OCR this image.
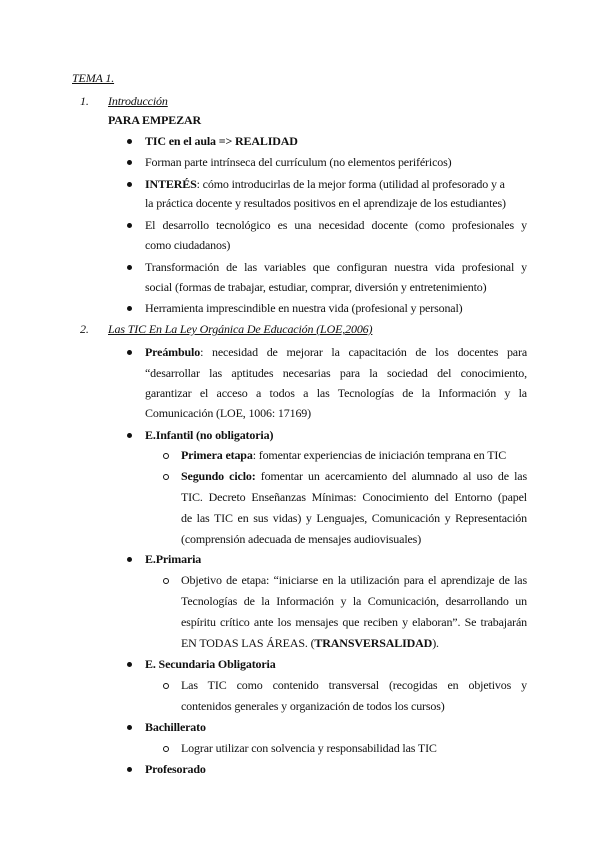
TEMA 1.
1. Introducción
PARA EMPEZAR
TIC en el aula => REALIDAD
Forman parte intrínseca del currículum (no elementos periféricos)
INTERÉS: cómo introducirlas de la mejor forma (utilidad al profesorado y a
la práctica docente y resultados positivos en el aprendizaje de los estudiantes)
El desarrollo tecnológico es una necesidad docente (como profesionales y
como ciudadanos)
Transformación de las variables que configuran nuestra vida profesional y
social (formas de trabajar, estudiar, comprar, diversión y entretenimiento)
Herramienta imprescindible en nuestra vida (profesional y personal)
2. Las TIC En La Ley Orgánica De Educación (LOE,2006)
Preámbulo: necesidad de mejorar la capacitación de los docentes para
“desarrollar las aptitudes necesarias para la sociedad del conocimiento,
garantizar el acceso a todos a las Tecnologías de la Información y la
Comunicación (LOE, 1006: 17169)
E.Infantil (no obligatoria)
Primera etapa: fomentar experiencias de iniciación temprana en TIC
Segundo ciclo: fomentar un acercamiento del alumnado al uso de las
TIC. Decreto Enseñanzas Mínimas: Conocimiento del Entorno (papel
de las TIC en sus vidas) y Lenguajes, Comunicación y Representación
(comprensión adecuada de mensajes audiovisuales)
E.Primaria
Objetivo de etapa: “iniciarse en la utilización para el aprendizaje de las
Tecnologías de la Información y la Comunicación, desarrollando un
espíritu crítico ante los mensajes que reciben y elaboran”. Se trabajarán
EN TODAS LAS ÁREAS. (TRANSVERSALIDAD).
E. Secundaria Obligatoria
Las TIC como contenido transversal (recogidas en objetivos y
contenidos generales y organización de todos los cursos)
Bachillerato
Lograr utilizar con solvencia y responsabilidad las TIC
Profesorado
